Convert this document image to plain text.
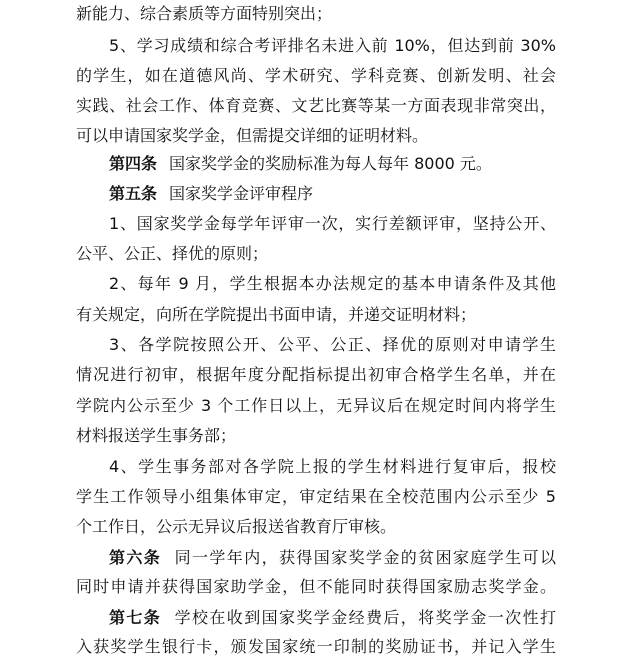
新能力、综合素质等方面特别突出；
5、学习成绩和综合考评排名未进入前 10%，但达到前 30%
的学生，如在道德风尚、学术研究、学科竞赛、创新发明、社会
实践、社会工作、体育竞赛、文艺比赛等某一方面表现非常突出，
可以申请国家奖学金，但需提交详细的证明材料。
第四条 国家奖学金的奖励标准为每人每年 8000 元。
第五条 国家奖学金评审程序
1、国家奖学金每学年评审一次，实行差额评审，坚持公开、
公平、公正、择优的原则；
2、每年 9 月，学生根据本办法规定的基本申请条件及其他
有关规定，向所在学院提出书面申请，并递交证明材料；
3、各学院按照公开、公平、公正、择优的原则对申请学生
情况进行初审，根据年度分配指标提出初审合格学生名单，并在
学院内公示至少 3 个工作日以上，无异议后在规定时间内将学生
材料报送学生事务部；
4、学生事务部对各学院上报的学生材料进行复审后，报校
学生工作领导小组集体审定，审定结果在全校范围内公示至少 5
个工作日，公示无异议后报送省教育厅审核。
第六条 同一学年内，获得国家奖学金的贫困家庭学生可以
同时申请并获得国家助学金，但不能同时获得国家励志奖学金。
第七条 学校在收到国家奖学金经费后，将奖学金一次性打
入获奖学生银行卡，颁发国家统一印制的奖励证书，并记入学生
